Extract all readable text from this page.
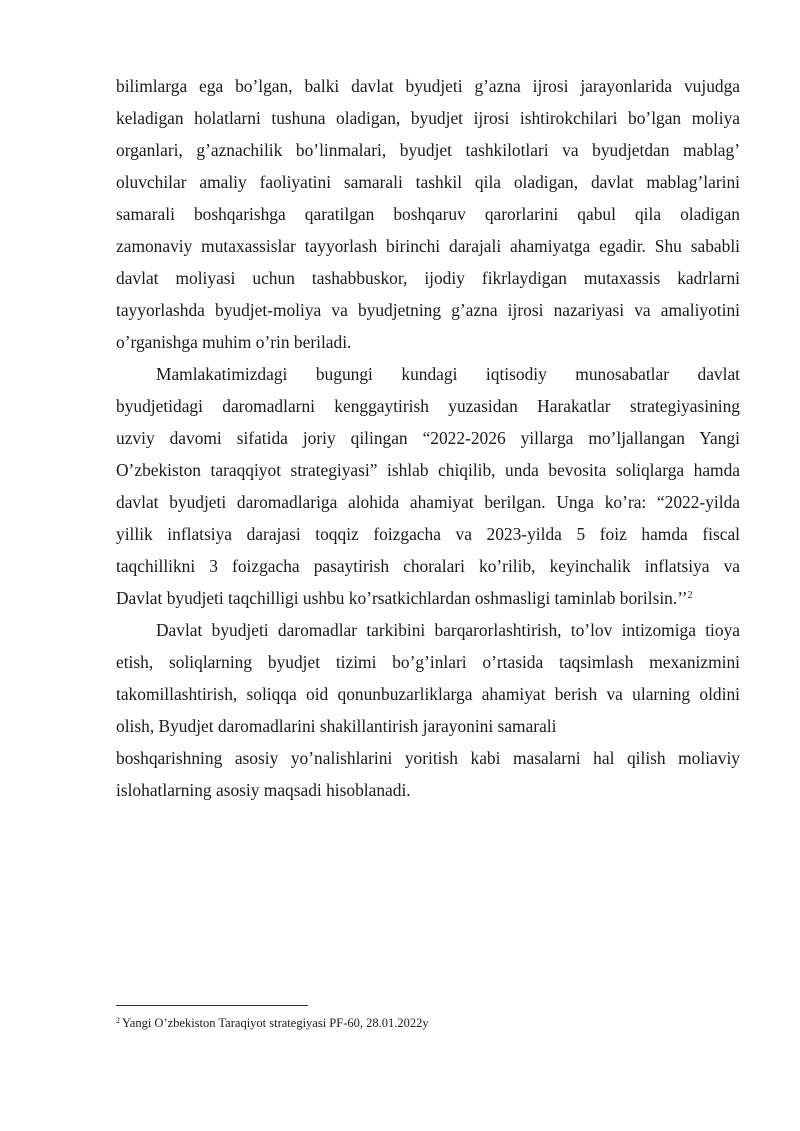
bilimlarga ega bo’lgan, balki davlat byudjeti g’azna ijrosi jarayonlarida vujudga
keladigan holatlarni tushuna oladigan, byudjet ijrosi ishtirokchilari bo’lgan moliya
organlari, g’aznachilik bo’linmalari, byudjet tashkilotlari va byudjetdan mablag’
oluvchilar amaliy faoliyatini samarali tashkil qila oladigan, davlat mablag’larini
samarali boshqarishga qaratilgan boshqaruv qarorlarini qabul qila oladigan
zamonaviy mutaxassislar tayyorlash birinchi darajali ahamiyatga egadir. Shu sababli
davlat moliyasi uchun tashabbuskor, ijodiy fikrlaydigan mutaxassis kadrlarni
tayyorlashda byudjet-moliya va byudjetning g’azna ijrosi nazariyasi va amaliyotini
o’rganishga muhim o’rin beriladi.
Mamlakatimizdagi bugungi kundagi iqtisodiy munosabatlar davlat
byudjetidagi daromadlarni kenggaytirish yuzasidan Harakatlar strategiyasining
uzviy davomi sifatida joriy qilingan “2022-2026 yillarga mo’ljallangan Yangi
O’zbekiston taraqqiyot strategiyasi” ishlab chiqilib, unda bevosita soliqlarga hamda
davlat byudjeti daromadlariga alohida ahamiyat berilgan. Unga ko’ra: “2022-yilda
yillik inflatsiya darajasi toqqiz foizgacha va 2023-yilda 5 foiz hamda fiscal
taqchillikni 3 foizgacha pasaytirish choralari ko’rilib, keyinchalik inflatsiya va
Davlat byudjeti taqchilligi ushbu ko’rsatkichlardan oshmasligi taminlab borilsin.’’$^2$
Davlat byudjeti daromadlar tarkibini barqarorlashtirish, to’lov intizomiga tioya
etish, soliqlarning byudjet tizimi bo’g’inlari o’rtasida taqsimlash mexanizmini
takomillashtirish, soliqqa oid qonunbuzarliklarga ahamiyat berish va ularning oldini
olish, Byudjet daromadlarini shakillantirish jarayonini samarali
boshqarishning asosiy yo’nalishlarini yoritish kabi masalarni hal qilish moliaviy
islohatlarning asosiy maqsadi hisoblanadi.
$^2$ Yangi O’zbekiston Taraqiyot strategiyasi PF-60, 28.01.2022y
